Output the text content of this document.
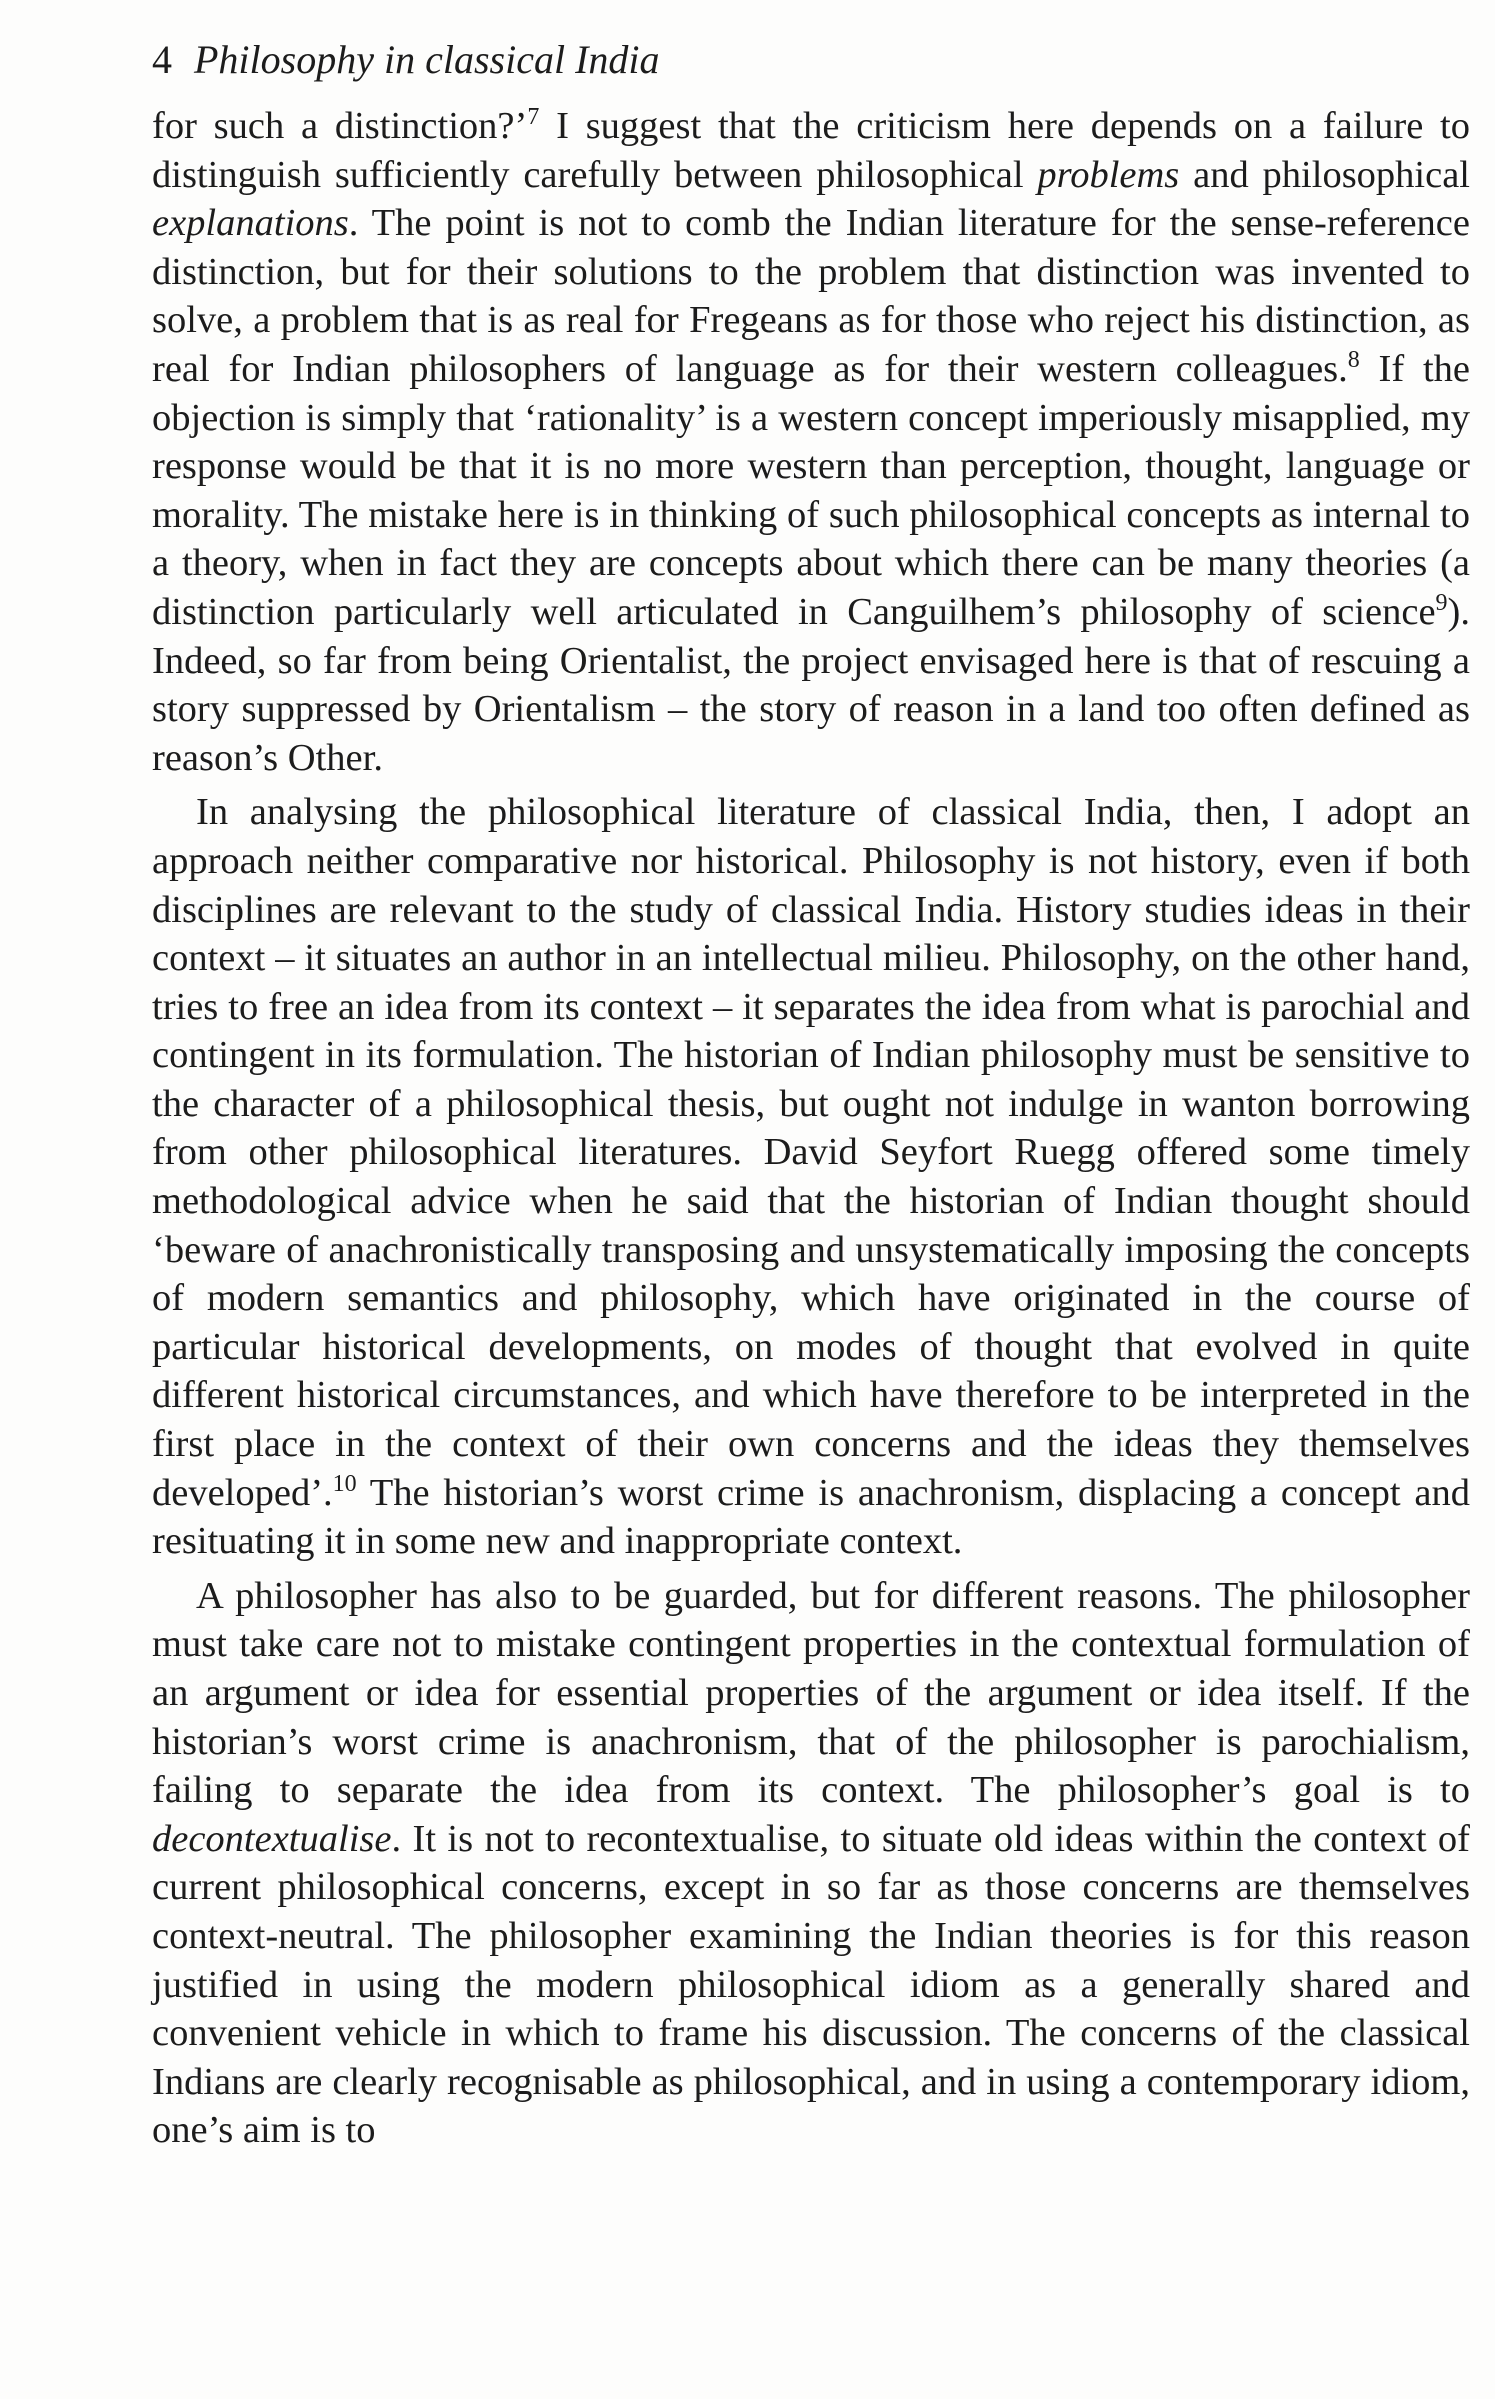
4 Philosophy in classical India

for such a distinction?’$^7$ I suggest that the criticism here depends on a failure to distinguish sufficiently carefully between philosophical problems and philosophical explanations. The point is not to comb the Indian literature for the sense-reference distinction, but for their solutions to the problem that distinction was invented to solve, a problem that is as real for Fregeans as for those who reject his distinction, as real for Indian philosophers of language as for their western colleagues.$^8$ If the objection is simply that ‘rationality’ is a western concept imperiously misapplied, my response would be that it is no more western than perception, thought, language or morality. The mistake here is in thinking of such philosophical concepts as internal to a theory, when in fact they are concepts about which there can be many theories (a distinction particularly well articulated in Canguilhem’s philosophy of science$^9$). Indeed, so far from being Orientalist, the project envisaged here is that of rescuing a story suppressed by Orientalism – the story of reason in a land too often defined as reason’s Other.

In analysing the philosophical literature of classical India, then, I adopt an approach neither comparative nor historical. Philosophy is not history, even if both disciplines are relevant to the study of classical India. History studies ideas in their context – it situates an author in an intellectual milieu. Philosophy, on the other hand, tries to free an idea from its context – it separates the idea from what is parochial and contingent in its formulation. The historian of Indian philosophy must be sensitive to the character of a philosophical thesis, but ought not indulge in wanton borrowing from other philosophical literatures. David Seyfort Ruegg offered some timely methodological advice when he said that the historian of Indian thought should ‘beware of anachronistically transposing and unsystematically imposing the concepts of modern semantics and philosophy, which have originated in the course of particular historical developments, on modes of thought that evolved in quite different historical circumstances, and which have therefore to be interpreted in the first place in the context of their own concerns and the ideas they themselves developed’.$^{10}$ The historian’s worst crime is anachronism, displacing a concept and resituating it in some new and inappropriate context.

A philosopher has also to be guarded, but for different reasons. The philosopher must take care not to mistake contingent properties in the contextual formulation of an argument or idea for essential properties of the argument or idea itself. If the historian’s worst crime is anachronism, that of the philosopher is parochialism, failing to separate the idea from its context. The philosopher’s goal is to decontextualise. It is not to recontextualise, to situate old ideas within the context of current philosophical concerns, except in so far as those concerns are themselves context-neutral. The philosopher examining the Indian theories is for this reason justified in using the modern philosophical idiom as a generally shared and convenient vehicle in which to frame his discussion. The concerns of the classical Indians are clearly recognisable as philosophical, and in using a contemporary idiom, one’s aim is to
